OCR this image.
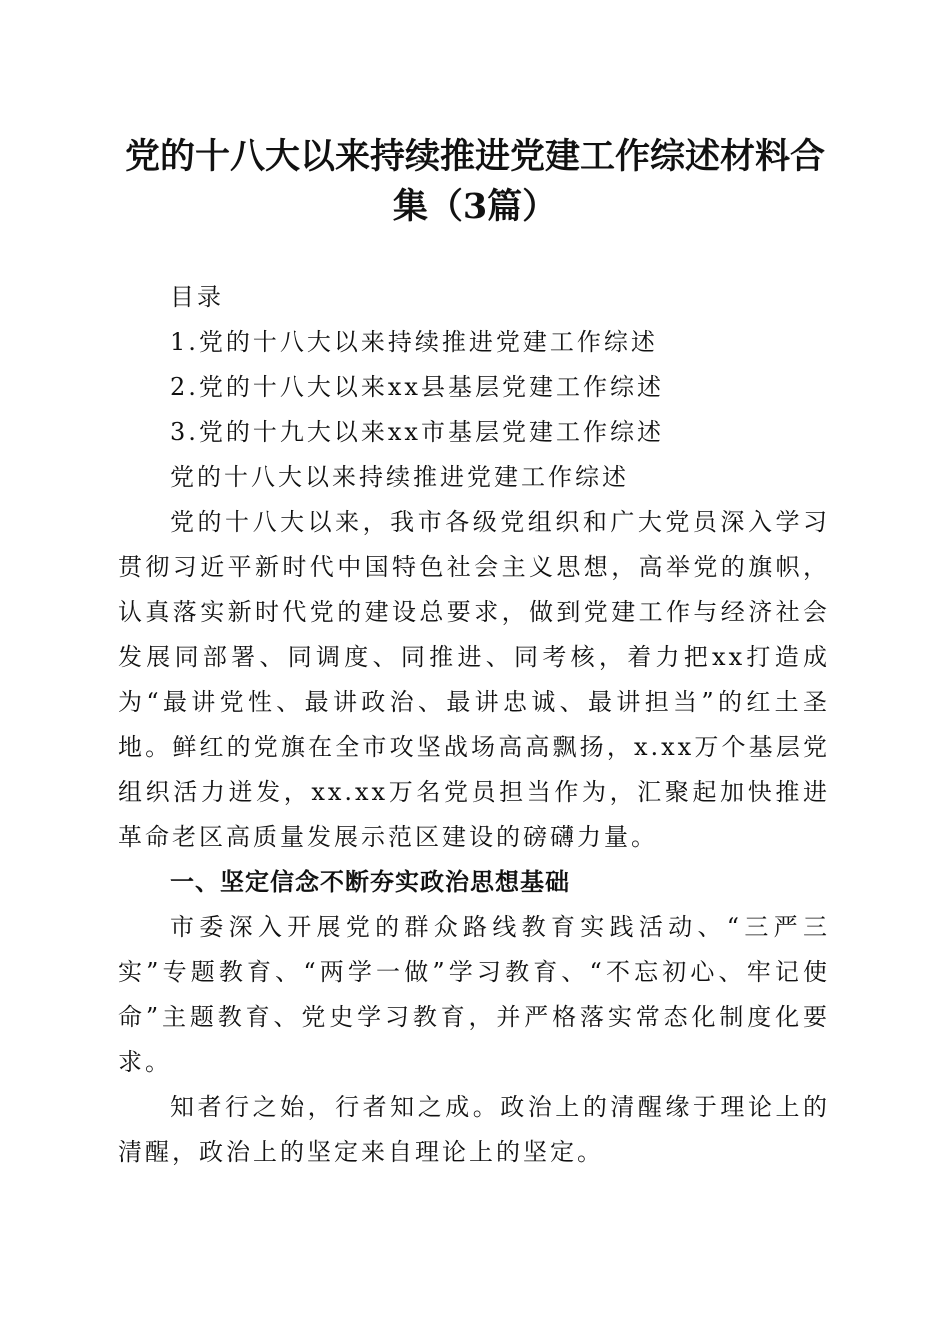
党的十八大以来持续推进党建工作综述材料合集（3篇）

目录

1.党的十八大以来持续推进党建工作综述

2.党的十八大以来xx县基层党建工作综述

3.党的十九大以来xx市基层党建工作综述

党的十八大以来持续推进党建工作综述

党的十八大以来，我市各级党组织和广大党员深入学习贯彻习近平新时代中国特色社会主义思想，高举党的旗帜，认真落实新时代党的建设总要求，做到党建工作与经济社会发展同部署、同调度、同推进、同考核，着力把xx打造成为“最讲党性、最讲政治、最讲忠诚、最讲担当”的红土圣地。鲜红的党旗在全市攻坚战场高高飘扬，x.xx万个基层党组织活力迸发，xx.xx万名党员担当作为，汇聚起加快推进革命老区高质量发展示范区建设的磅礴力量。

一、坚定信念不断夯实政治思想基础

市委深入开展党的群众路线教育实践活动、“三严三实”专题教育、“两学一做”学习教育、“不忘初心、牢记使命”主题教育、党史学习教育，并严格落实常态化制度化要求。

知者行之始，行者知之成。政治上的清醒缘于理论上的清醒，政治上的坚定来自理论上的坚定。
